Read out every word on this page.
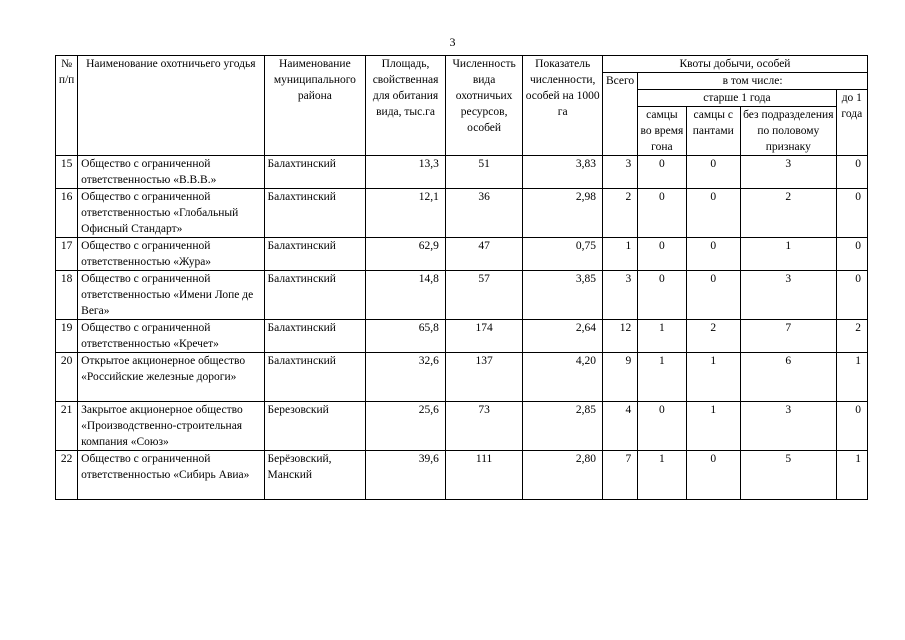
3
№ п/п	Наименование охотничьего угодья	Наименование муниципального района	Площадь, свойственная для обитания вида, тыс.га	Численность вида охотничьих ресурсов, особей	Показатель численности, особей на 1000 га	Квоты добычи, особей				
						Всего	в том числе:			
							старше 1 года			до 1 года
							самцы во время гона	самцы с пантами	без подразделения по половому признаку	
15	Общество с ограниченной ответственностью «В.В.В.»	Балахтинский	13,3	51	3,83	3	0	0	3	0
16	Общество с ограниченной ответственностью «Глобальный Офисный Стандарт»	Балахтинский	12,1	36	2,98	2	0	0	2	0
17	Общество с ограниченной ответственностью «Жура»	Балахтинский	62,9	47	0,75	1	0	0	1	0
18	Общество с ограниченной ответственностью «Имени Лопе де Вега»	Балахтинский	14,8	57	3,85	3	0	0	3	0
19	Общество с ограниченной ответственностью «Кречет»	Балахтинский	65,8	174	2,64	12	1	2	7	2
20	Открытое акционерное общество «Российские железные дороги»	Балахтинский	32,6	137	4,20	9	1	1	6	1
21	Закрытое акционерное общество «Производственно-строительная компания «Союз»	Березовский	25,6	73	2,85	4	0	1	3	0
22	Общество с ограниченной ответственностью «Сибирь Авиа»	Берёзовский, Манский	39,6	111	2,80	7	1	0	5	1
